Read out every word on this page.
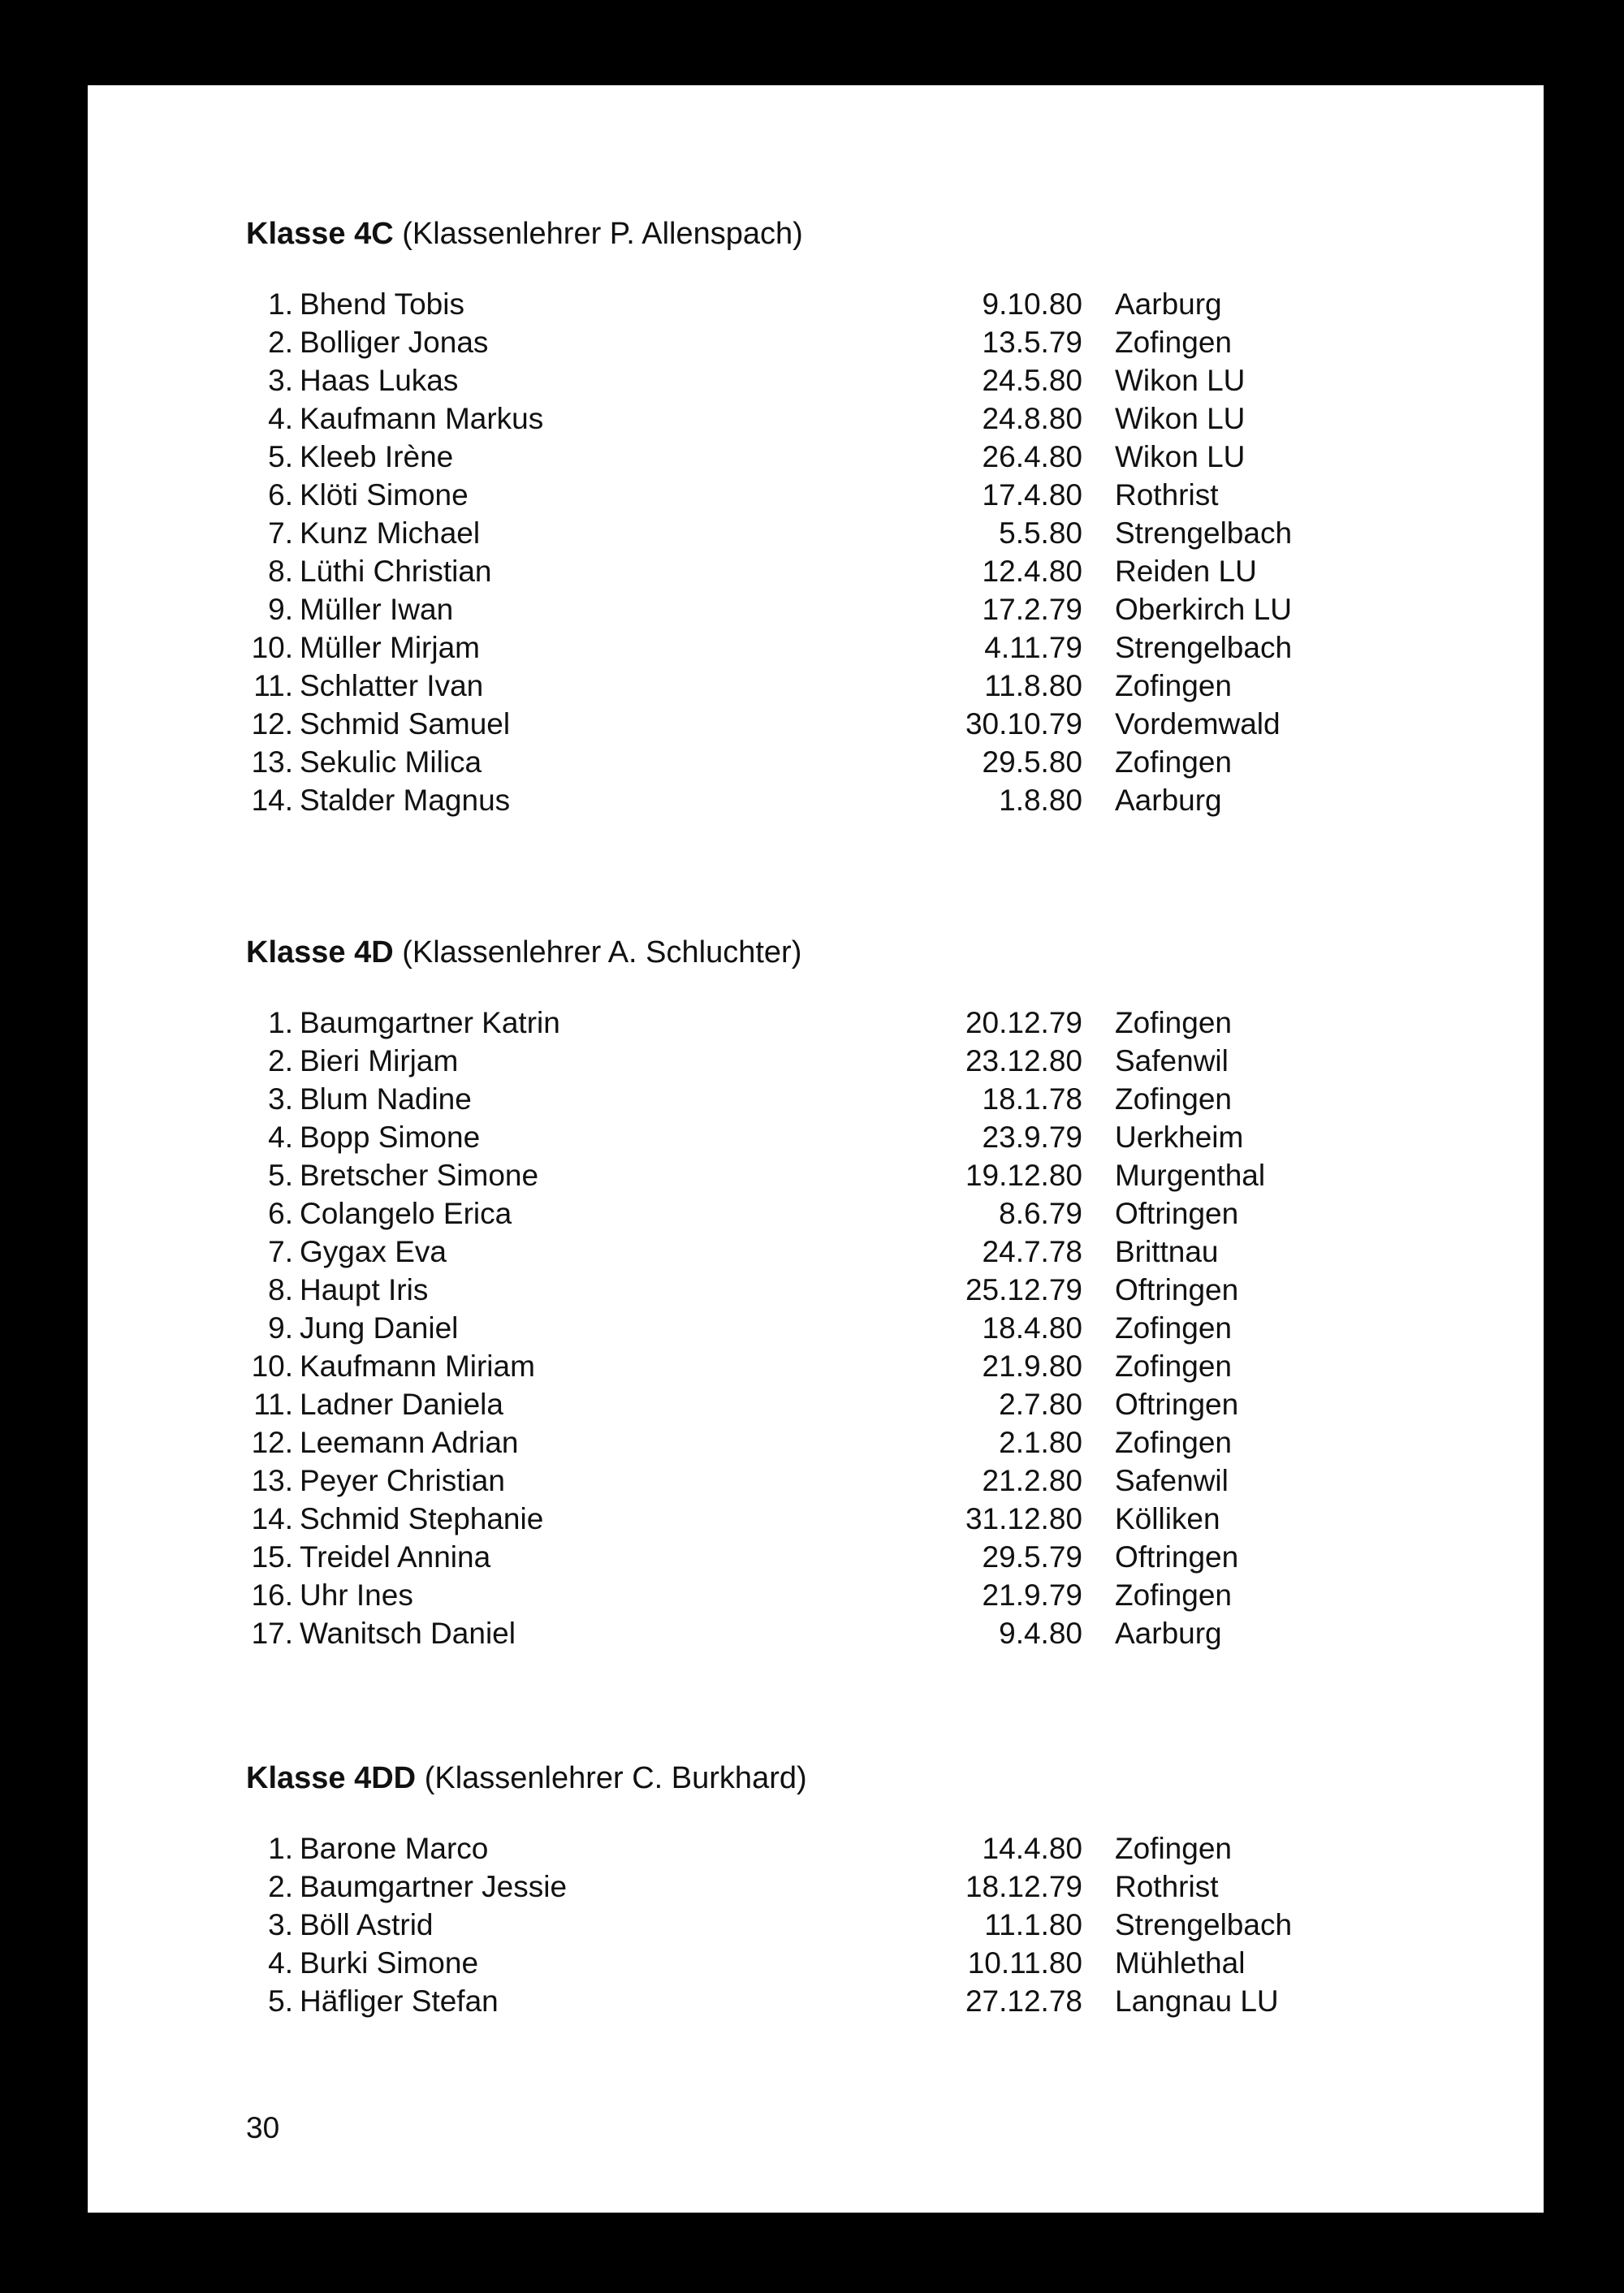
Klasse 4C (Klassenlehrer P. Allenspach)
1. Bhend Tobis	9.10.80 Aarburg
2. Bolliger Jonas	13.5.79 Zofingen
3. Haas Lukas	24.5.80 Wikon LU
4. Kaufmann Markus	24.8.80 Wikon LU
5. Kleeb Irène	26.4.80 Wikon LU
6. Klöti Simone	17.4.80 Rothrist
7. Kunz Michael	5.5.80 Strengelbach
8. Lüthi Christian	12.4.80 Reiden LU
9. Müller Iwan	17.2.79 Oberkirch LU
10. Müller Mirjam	4.11.79 Strengelbach
11. Schlatter Ivan	11.8.80 Zofingen
12. Schmid Samuel	30.10.79 Vordemwald
13. Sekulic Milica	29.5.80 Zofingen
14. Stalder Magnus	1.8.80 Aarburg
Klasse 4D (Klassenlehrer A. Schluchter)
1. Baumgartner Katrin	20.12.79 Zofingen
2. Bieri Mirjam	23.12.80 Safenwil
3. Blum Nadine	18.1.78 Zofingen
4. Bopp Simone	23.9.79 Uerkheim
5. Bretscher Simone	19.12.80 Murgenthal
6. Colangelo Erica	8.6.79 Oftringen
7. Gygax Eva	24.7.78 Brittnau
8. Haupt Iris	25.12.79 Oftringen
9. Jung Daniel	18.4.80 Zofingen
10. Kaufmann Miriam	21.9.80 Zofingen
11. Ladner Daniela	2.7.80 Oftringen
12. Leemann Adrian	2.1.80 Zofingen
13. Peyer Christian	21.2.80 Safenwil
14. Schmid Stephanie	31.12.80 Kölliken
15. Treidel Annina	29.5.79 Oftringen
16. Uhr Ines	21.9.79 Zofingen
17. Wanitsch Daniel	9.4.80 Aarburg
Klasse 4DD (Klassenlehrer C. Burkhard)
1. Barone Marco	14.4.80 Zofingen
2. Baumgartner Jessie	18.12.79 Rothrist
3. Böll Astrid	11.1.80 Strengelbach
4. Burki Simone	10.11.80 Mühlethal
5. Häfliger Stefan	27.12.78 Langnau LU
30
